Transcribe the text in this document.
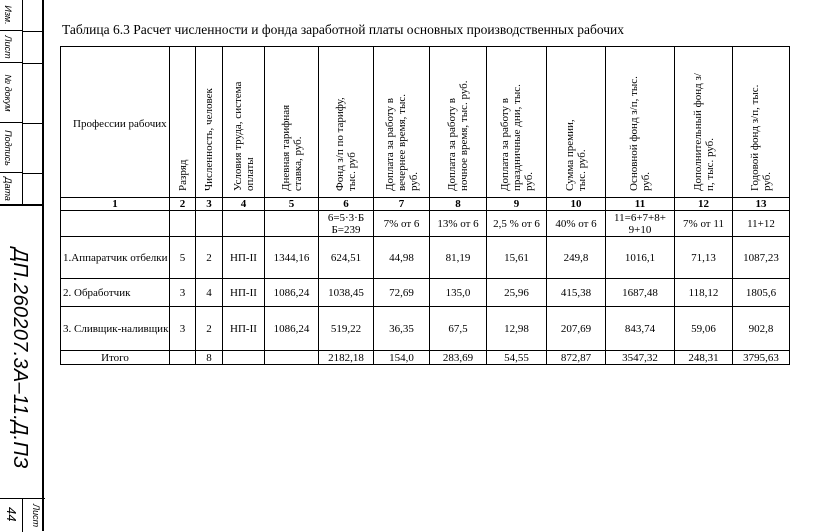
Изм.
Лист
№ докум
Подпись
Дата
ДП.260207.3А–11.Д.ПЗ
44 Лист
Таблица 6.3 Расчет численности и фонда заработной платы основных производственных рабочих
Профессии рабочих	Разряд	Численность, человек	Условия труда, система оплаты	Дневная тарифная ставка, руб.	Фонд з/п по тарифу, тыс. руб	Доплата за работу в вечернее время, тыс. руб.	Доплата за работу в ночное время, тыс. руб.	Доплата за работу в праздничные дни, тыс. руб.	Сумма премии, тыс. руб.	Основной фонд з/п, тыс. руб.	Дополнительный фонд з/п, тыс. руб.	Годовой фонд з/п, тыс. руб.

1	2	3	4	5	6	7	8	9	10	11	12	13
					6=5·3·Б Б=239	7% от 6	13% от 6	2,5 % от 6	40% от 6	11=6+7+8+ 9+10	7% от 11	11+12
1.Аппаратчик отбелки	5	2	НП-II	1344,16	624,51	44,98	81,19	15,61	249,8	1016,1	71,13	1087,23
2. Обработчик	3	4	НП-II	1086,24	1038,45	72,69	135,0	25,96	415,38	1687,48	118,12	1805,6
3. Сливщик-наливщик	3	2	НП-II	1086,24	519,22	36,35	67,5	12,98	207,69	843,74	59,06	902,8
Итого		8			2182,18	154,0	283,69	54,55	872,87	3547,32	248,31	3795,63
